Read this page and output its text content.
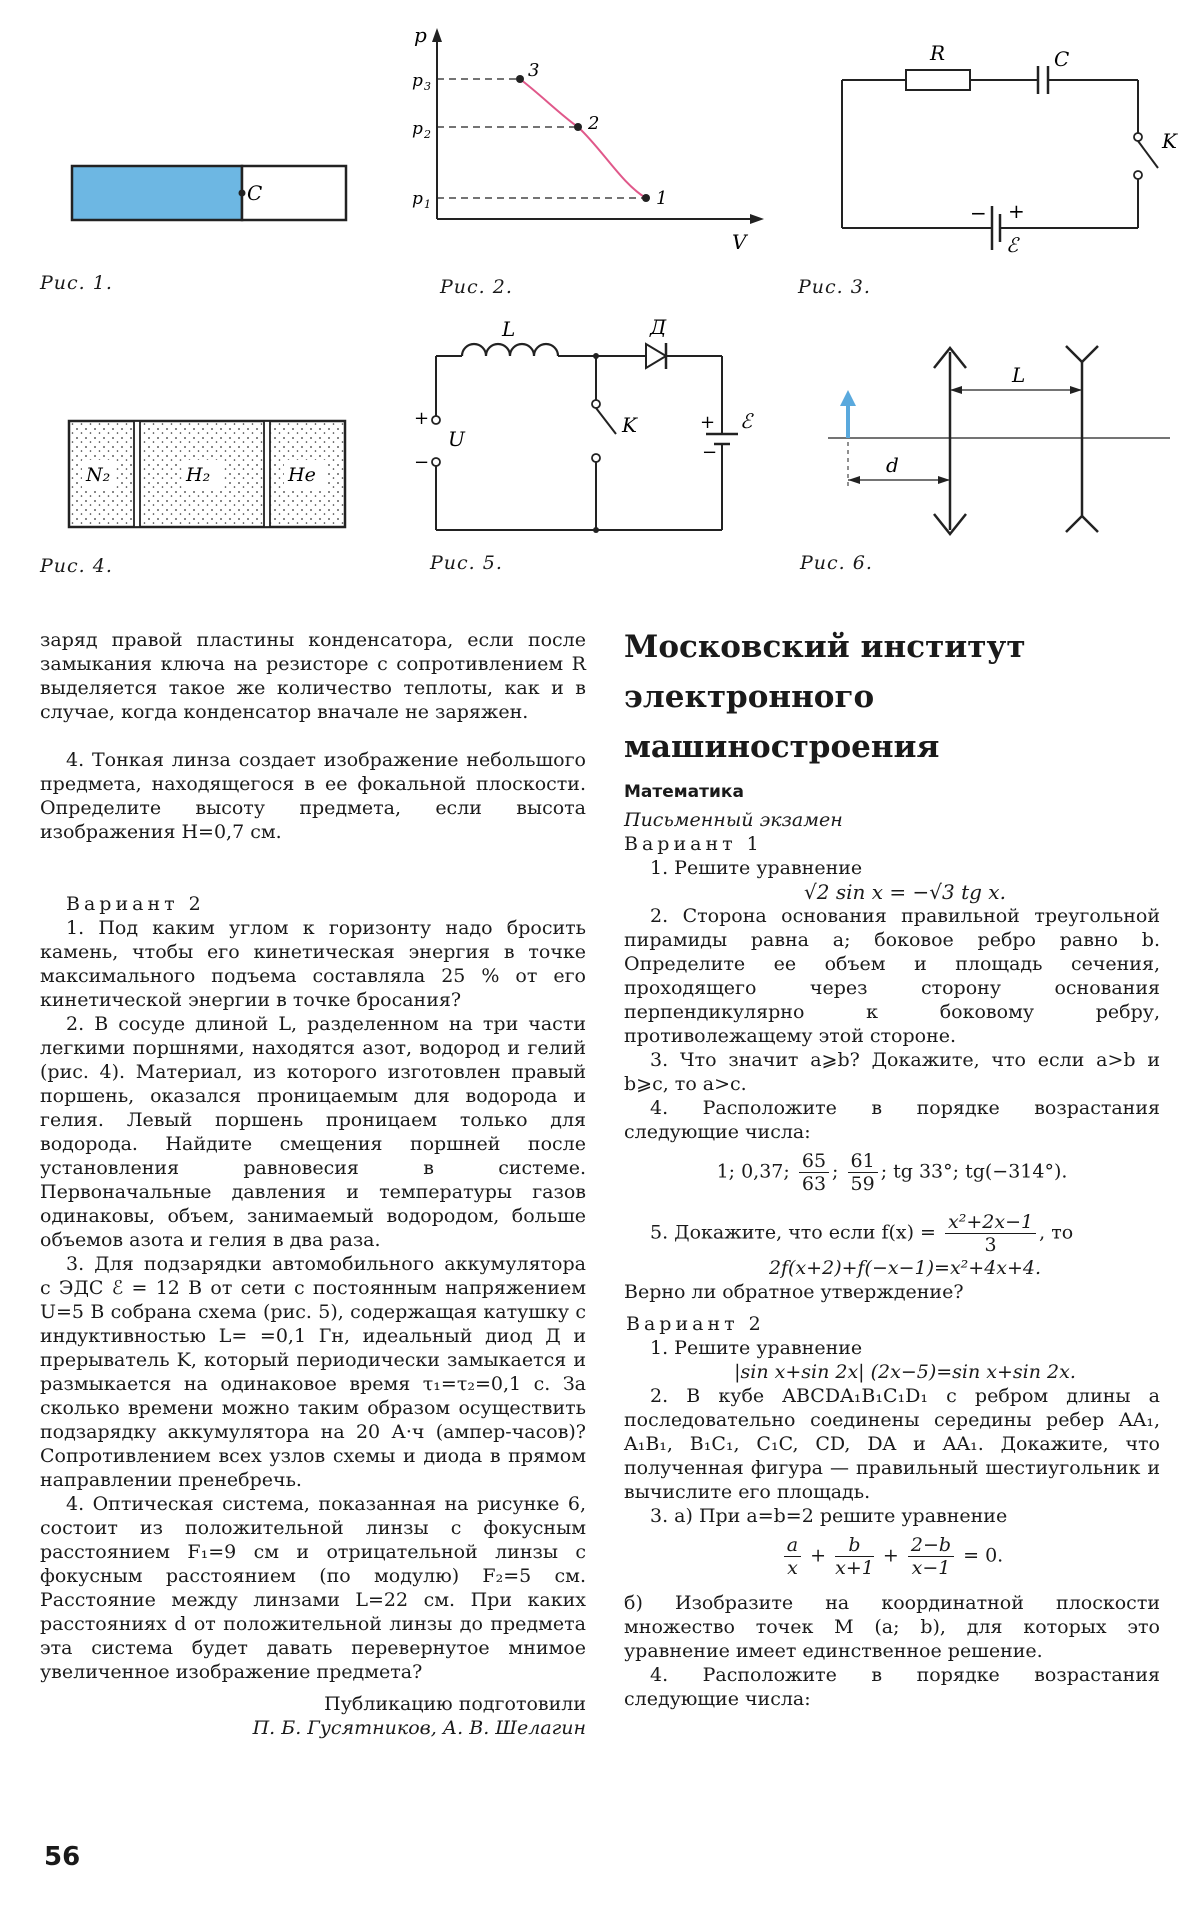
C
Рис. 1.
p
V
p 3
p 2
p 1
3
2
1
Рис. 2.
R	C
K
− +
ℰ
Рис. 3.
N₂	H₂	He
Рис. 4.
L	Д
K
U
+
−
+
−
ℰ
Рис. 5.
L
d
Рис. 6.

заряд правой пластины конденсатора, если после замыкания ключа на резисторе с сопротивлением R выделяется такое же количество теплоты, как и в случае, когда конденсатор вначале не заряжен.

4. Тонкая линза создает изображение небольшого предмета, находящегося в ее фокальной плоскости. Определите высоту предмета, если высота изображения H=0,7 см.

Вариант 2

1. Под каким углом к горизонту надо бросить камень, чтобы его кинетическая энергия в точке максимального подъема составляла 25 % от его кинетической энергии в точке бросания?

2. В сосуде длиной L, разделенном на три части легкими поршнями, находятся азот, водород и гелий (рис. 4). Материал, из которого изготовлен правый поршень, оказался проницаемым для водорода и гелия. Левый поршень проницаем только для водорода. Найдите смещения поршней после установления равновесия в системе. Первоначальные давления и температуры газов одинаковы, объем, занимаемый водородом, больше объемов азота и гелия в два раза.

3. Для подзарядки автомобильного аккумулятора с ЭДС ℰ = 12 В от сети с постоянным напряжением U=5 В собрана схема (рис. 5), содержащая катушку с индуктивностью L= =0,1 Гн, идеальный диод Д и прерыватель K, который периодически замыкается и размыкается на одинаковое время τ₁=τ₂=0,1 с. За сколько времени можно таким образом осуществить подзарядку аккумулятора на 20 А·ч (ампер-часов)? Сопротивлением всех узлов схемы и диода в прямом направлении пренебречь.

4. Оптическая система, показанная на рисунке 6, состоит из положительной линзы с фокусным расстоянием F₁=9 см и отрицательной линзы с фокусным расстоянием (по модулю) F₂=5 см. Расстояние между линзами L=22 см. При каких расстояниях d от положительной линзы до предмета эта система будет давать перевернутое мнимое увеличенное изображение предмета?

Публикацию подготовили

П. Б. Гусятников, А. В. Шелагин

Московский институт
электронного
машиностроения
Математика

Письменный экзамен

Вариант 1

1. Решите уравнение

√2 sin x = −√3 tg x.

2. Сторона основания правильной треугольной пирамиды равна a; боковое ребро равно b. Определите ее объем и площадь сечения, проходящего через сторону основания перпендикулярно к боковому ребру, противолежащему этой стороне.

3. Что значит a⩾b? Докажите, что если a>b и b⩾c, то a>c.

4. Расположите в порядке возрастания следующие числа:

1; 0,37; $\frac{65}{63}$ ; $\frac{61}{59}$ ; tg 33°; tg(−314°).
5. Докажите, что если $f(x) = \frac{\text{x²+2x−1}}{3}$ , то

2f(x+2)+f(−x−1)=x²+4x+4.

Верно ли обратное утверждение?

Вариант 2

1. Решите уравнение

|sin x+sin 2x| (2x−5)=sin x+sin 2x.

2. В кубе ABCDA₁B₁C₁D₁ с ребром длины a последовательно соединены середины ребер AA₁, A₁B₁, B₁C₁, C₁C, CD, DA и AA₁. Докажите, что полученная фигура — правильный шестиугольник и вычислите его площадь.

3. а) При a=b=2 решите уравнение

$\frac{a}{x} + \frac{b}{x+1} + \frac{2-b}{x-1} = 0$.

б) Изобразите на координатной плоскости множество точек M (a; b), для которых это уравнение имеет единственное решение.

4. Расположите в порядке возрастания следующие числа:

56
